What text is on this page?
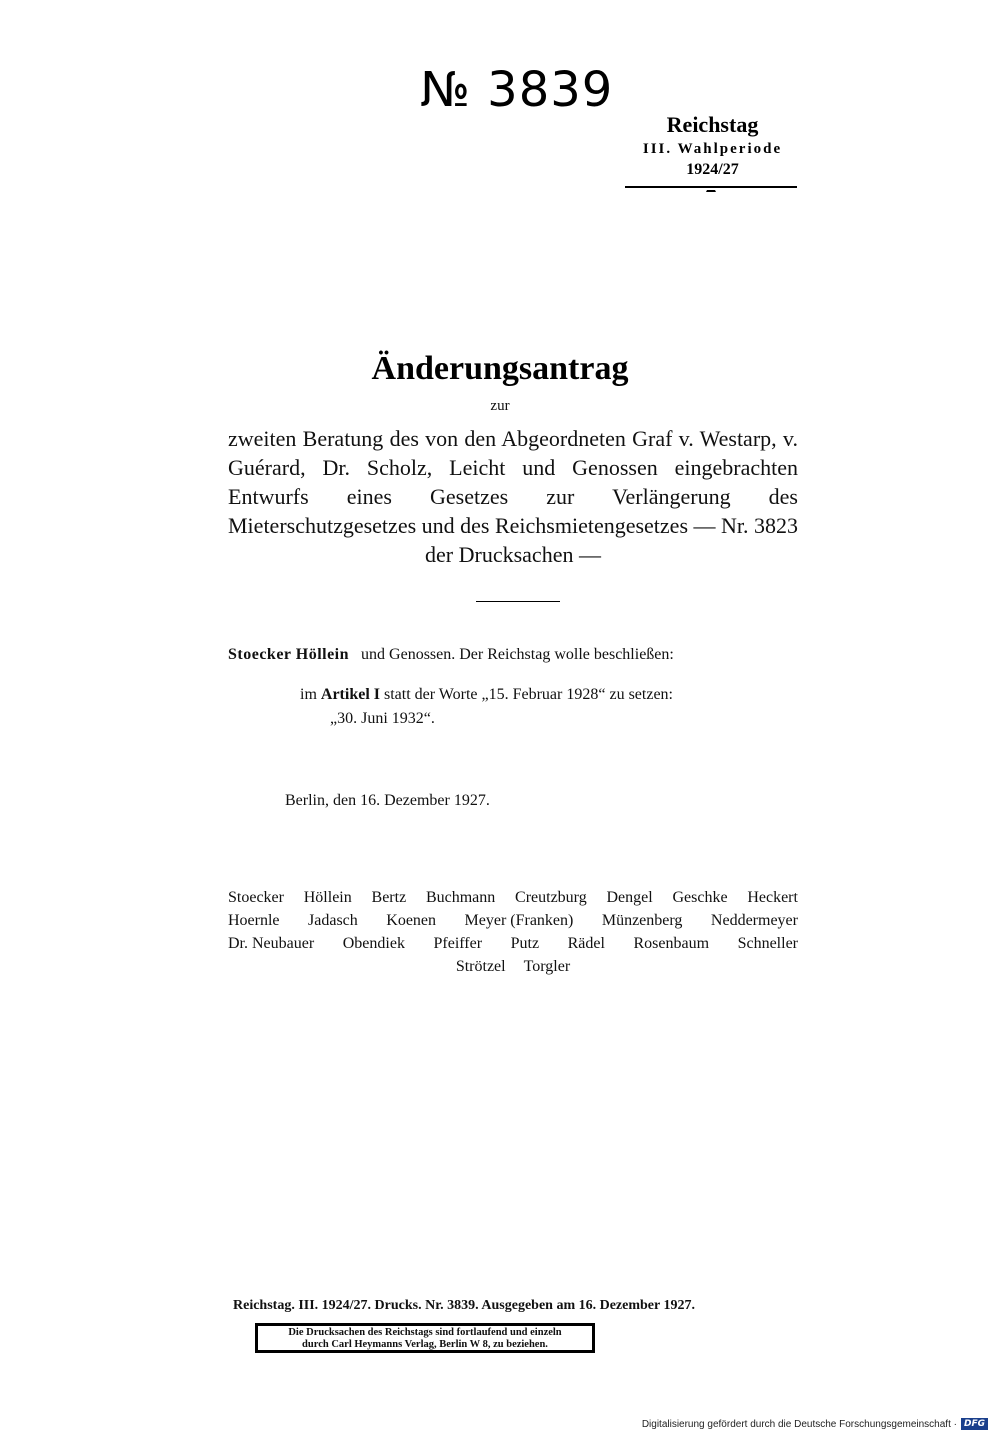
№ 3839
Reichstag
III. Wahlperiode
1924/27
Änderungsantrag
zur
zweiten Beratung des von den Abgeordneten Graf v. Westarp, v. Guérard, Dr. Scholz, Leicht und Genossen eingebrachten Entwurfs eines Gesetzes zur Verlängerung des Mieterschutzgesetzes und des Reichsmietengesetzes — Nr. 3823 der Drucksachen —
Stoecker Höllein und Genossen. Der Reichstag wolle beschließen:
im Artikel I statt der Worte „15. Februar 1928“ zu setzen:
„30. Juni 1932“.
Berlin, den 16. Dezember 1927.
Stoecker Höllein Bertz Buchmann Creutzburg Dengel Geschke Heckert
Hoernle Jadasch Koenen Meyer (Franken) Münzenberg Neddermeyer
Dr. Neubauer Obendiek Pfeiffer Putz Rädel Rosenbaum Schneller
Strötzel Torgler
Reichstag. III. 1924/27. Drucks. Nr. 3839. Ausgegeben am 16. Dezember 1927.
Die Drucksachen des Reichstags sind fortlaufend und einzeln
durch Carl Heymanns Verlag, Berlin W 8, zu beziehen.
Digitalisierung gefördert durch die Deutsche Forschungsgemeinschaft · DFG
